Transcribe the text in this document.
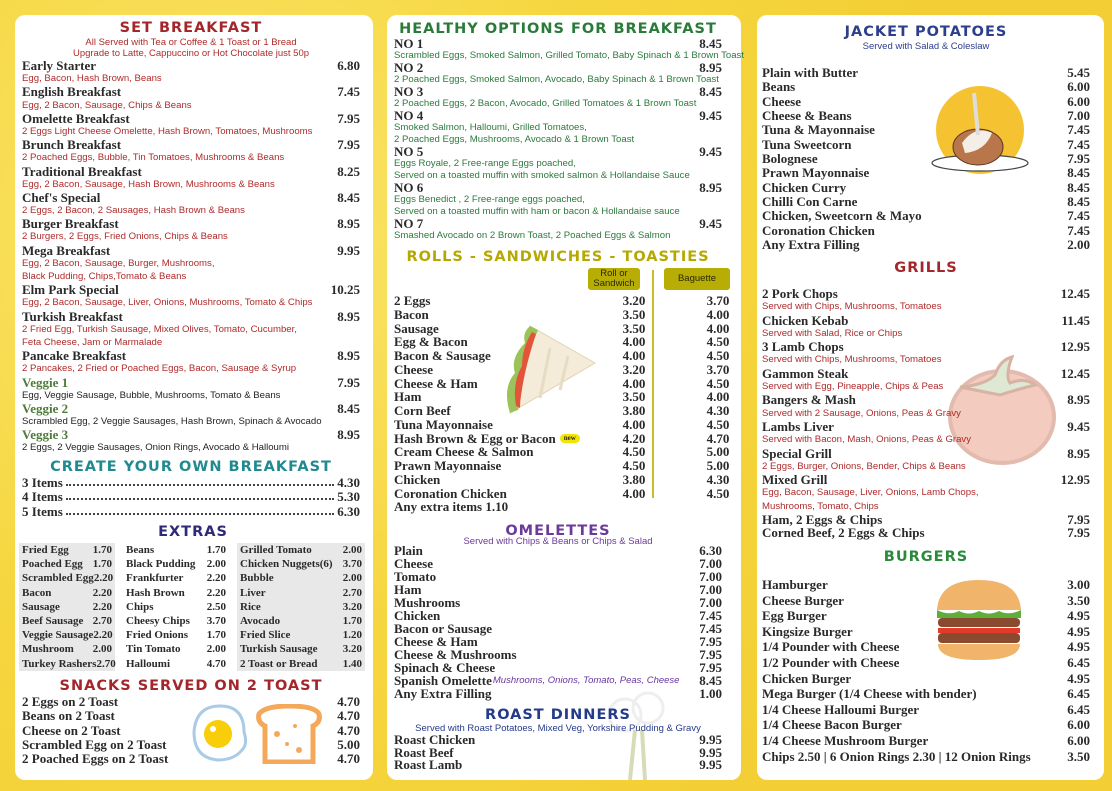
SET BREAKFAST
All Served with Tea or Coffee & 1 Toast or 1 Bread
Upgrade to Latte, Cappuccino or Hot Chocolate just 50p
Early Starter	6.80
Egg, Bacon, Hash Brown, Beans
English Breakfast	7.45
Egg, 2 Bacon, Sausage, Chips & Beans
Omelette Breakfast	7.95
2 Eggs Light Cheese Omelette, Hash Brown, Tomatoes, Mushrooms
Brunch Breakfast	7.95
2 Poached Eggs, Bubble, Tin Tomatoes, Mushrooms & Beans
Traditional Breakfast	8.25
Egg, 2 Bacon, Sausage, Hash Brown, Mushrooms & Beans
Chef's Special	8.45
2 Eggs, 2 Bacon, 2 Sausages, Hash Brown & Beans
Burger Breakfast	8.95
2 Burgers, 2 Eggs, Fried Onions, Chips & Beans
Mega Breakfast	9.95
Egg, 2 Bacon, Sausage, Burger, Mushrooms,
Black Pudding, Chips,Tomato & Beans
Elm Park Special	10.25
Egg, 2 Bacon, Sausage, Liver, Onions, Mushrooms, Tomato & Chips
Turkish Breakfast	8.95
2 Fried Egg, Turkish Sausage, Mixed Olives, Tomato, Cucumber,
Feta Cheese, Jam or Marmalade
Pancake Breakfast	8.95
2 Pancakes, 2 Fried or Poached Eggs, Bacon, Sausage & Syrup
Veggie 1	7.95
Egg, Veggie Sausage, Bubble, Mushrooms, Tomato & Beans
Veggie 2	8.45
Scrambled Egg, 2 Veggie Sausages, Hash Brown, Spinach & Avocado
Veggie 3	8.95
2 Eggs, 2 Veggie Sausages, Onion Rings, Avocado & Halloumi
CREATE YOUR OWN BREAKFAST
3 Items	4.30
4 Items	5.30
5 Items	6.30
EXTRAS
Fried Egg 1.70
Poached Egg 1.70
Scrambled Egg 2.20
Bacon	2.20
Sausage	2.20
Beef Sausage 2.70
Veggie Sausage 2.20
Mushroom 2.00
Turkey Rashers 2.70
Beans	1.70
Black Pudding 2.00
Frankfurter 2.20
Hash Brown 2.20
Chips	2.50
Cheesy Chips 3.70
Fried Onions 1.70
Tin Tomato 2.00
Halloumi	4.70
Grilled Tomato	2.00
Chicken Nuggets(6) 3.70
Bubble	2.00
Liver	2.70
Rice	3.20
Avocado	1.70
Fried Slice	1.20
Turkish Sausage 3.20
2 Toast or Bread 1.40
SNACKS SERVED ON 2 TOAST
2 Eggs on 2 Toast	4.70
Beans on 2 Toast	4.70
Cheese on 2 Toast	4.70
Scrambled Egg on 2 Toast	5.00
2 Poached Eggs on 2 Toast	4.70
HEALTHY OPTIONS FOR BREAKFAST
NO 1	8.45
Scrambled Eggs, Smoked Salmon, Grilled Tomato, Baby Spinach & 1 Brown Toast
NO 2	8.95
2 Poached Eggs, Smoked Salmon, Avocado, Baby Spinach & 1 Brown Toast
NO 3	8.45
2 Poached Eggs, 2 Bacon, Avocado, Grilled Tomatoes & 1 Brown Toast
NO 4	9.45
Smoked Salmon, Halloumi, Grilled Tomatoes,
2 Poached Eggs, Mushrooms, Avocado & 1 Brown Toast
NO 5	9.45
Eggs Royale, 2 Free-range Eggs poached,
Served on a toasted muffin with smoked salmon & Hollandaise Sauce
NO 6	8.95
Eggs Benedict , 2 Free-range eggs poached,
Served on a toasted muffin with ham or bacon & Hollandaise sauce
NO 7	9.45
Smashed Avocado on 2 Brown Toast, 2 Poached Eggs & Salmon
ROLLS - SANDWICHES - TOASTIES
Roll or Sandwich	Baguette
2 Eggs	3.20	3.70
Bacon	3.50	4.00
Sausage	3.50	4.00
Egg & Bacon	4.00	4.50
Bacon & Sausage	4.00	4.50
Cheese	3.20	3.70
Cheese & Ham	4.00	4.50
Ham	3.50	4.00
Corn Beef	3.80	4.30
Tuna Mayonnaise	4.00	4.50
Hash Brown & Egg or Bacon	new	4.20	4.70
Cream Cheese & Salmon	4.50	5.00
Prawn Mayonnaise	4.50	5.00
Chicken	3.80	4.30
Coronation Chicken	4.00	4.50
Any extra items 1.10
OMELETTES
Served with Chips & Beans or Chips & Salad
Plain	6.30
Cheese	7.00
Tomato	7.00
Ham	7.00
Mushrooms	7.00
Chicken	7.45
Bacon or Sausage	7.45
Cheese & Ham	7.95
Cheese & Mushrooms	7.95
Spinach & Cheese	7.95
Spanish Omelette Mushrooms, Onions, Tomato, Peas, Cheese	8.45
Any Extra Filling	1.00
ROAST DINNERS
Served with Roast Potatoes, Mixed Veg, Yorkshire Pudding & Gravy
Roast Chicken	9.95
Roast Beef	9.95
Roast Lamb	9.95
JACKET POTATOES
Served with Salad & Coleslaw
Plain with Butter	5.45
Beans	6.00
Cheese	6.00
Cheese & Beans	7.00
Tuna & Mayonnaise	7.45
Tuna Sweetcorn	7.45
Bolognese	7.95
Prawn Mayonnaise	8.45
Chicken Curry	8.45
Chilli Con Carne	8.45
Chicken, Sweetcorn & Mayo	7.45
Coronation Chicken	7.45
Any Extra Filling	2.00
GRILLS
2 Pork Chops	12.45
Served with Chips, Mushrooms, Tomatoes
Chicken Kebab	11.45
Served with Salad, Rice or Chips
3 Lamb Chops	12.95
Served with Chips, Mushrooms, Tomatoes
Gammon Steak	12.45
Served with Egg, Pineapple, Chips & Peas
Bangers & Mash	8.95
Served with 2 Sausage, Onions, Peas & Gravy
Lambs Liver	9.45
Served with Bacon, Mash, Onions, Peas & Gravy
Special Grill	8.95
2 Eggs, Burger, Onions, Bender, Chips & Beans
Mixed Grill	12.95
Egg, Bacon, Sausage, Liver, Onions, Lamb Chops,
Mushrooms, Tomato, Chips
Ham, 2 Eggs & Chips	7.95
Corned Beef, 2 Eggs & Chips	7.95
BURGERS
Hamburger	3.00
Cheese Burger	3.50
Egg Burger	4.95
Kingsize Burger	4.95
1/4 Pounder with Cheese	4.95
1/2 Pounder with Cheese	6.45
Chicken Burger	4.95
Mega Burger (1/4 Cheese with bender)	6.45
1/4 Cheese Halloumi Burger	6.45
1/4 Cheese Bacon Burger	6.00
1/4 Cheese Mushroom Burger	6.00
Chips 2.50 | 6 Onion Rings 2.30 | 12 Onion Rings	3.50
